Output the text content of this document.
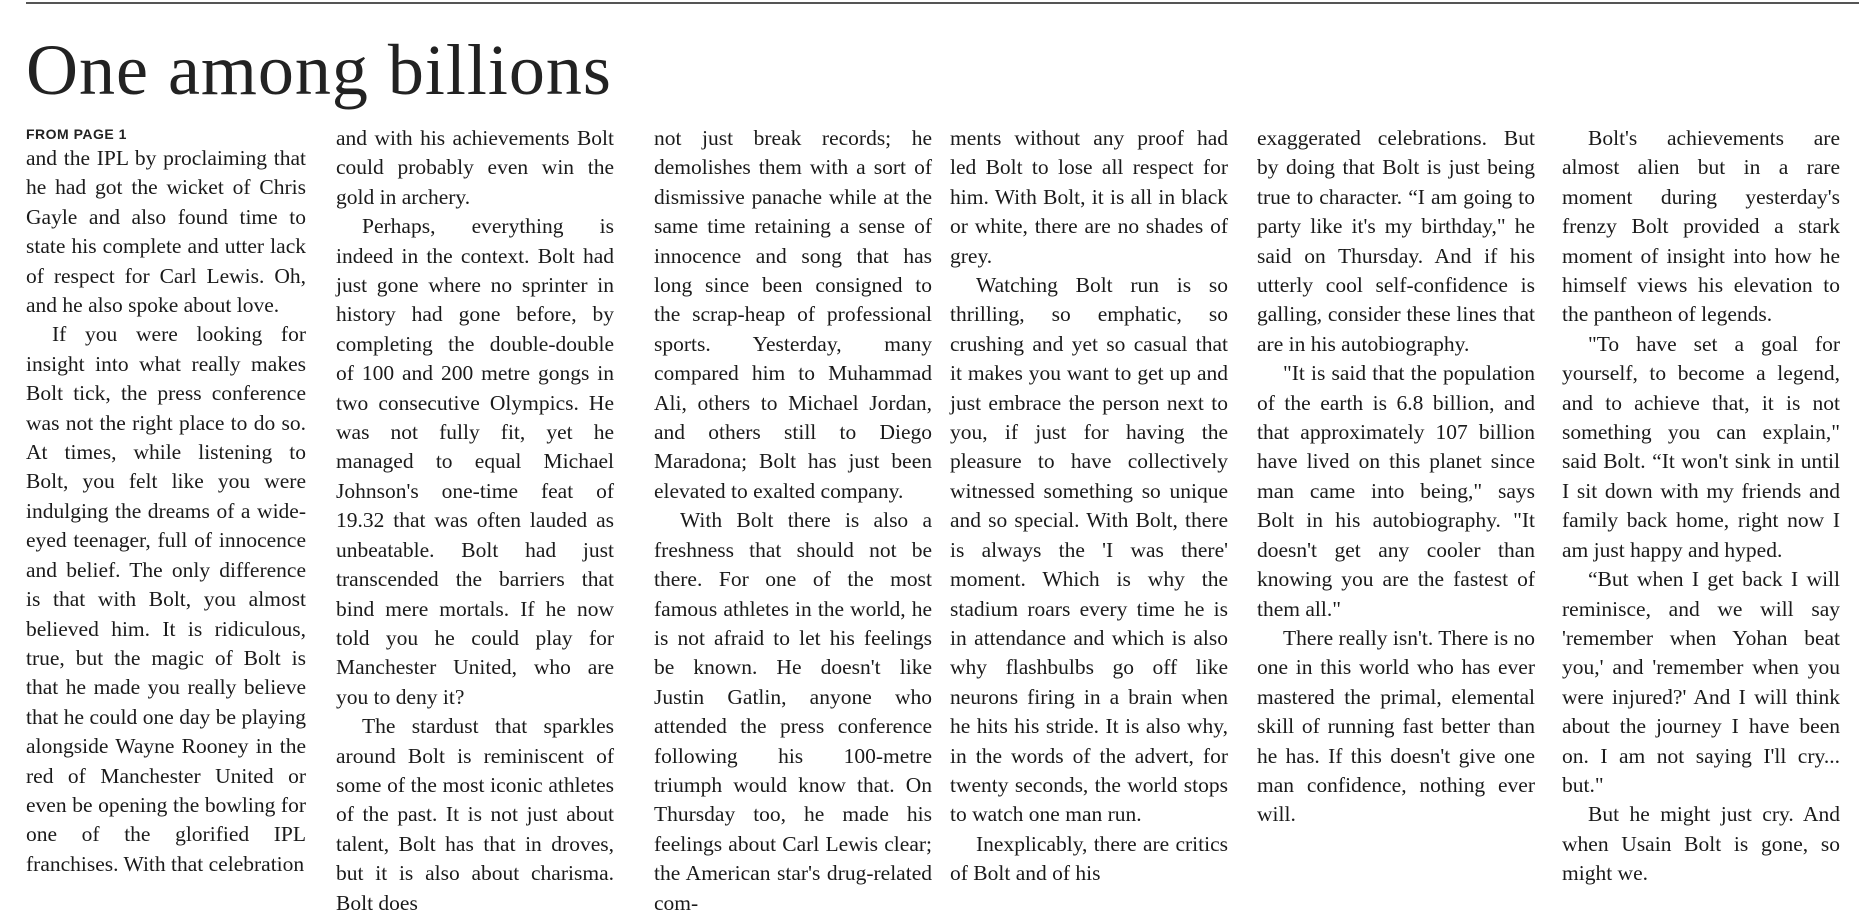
One among billions
FROM PAGE 1

and the IPL by proclaiming that he had got the wicket of Chris Gayle and also found time to state his complete and utter lack of respect for Carl Lewis. Oh, and he also spoke about love.

If you were looking for insight into what really makes Bolt tick, the press conference was not the right place to do so. At times, while listening to Bolt, you felt like you were indulging the dreams of a wide-eyed teenager, full of innocence and belief. The only difference is that with Bolt, you almost believed him. It is ridiculous, true, but the magic of Bolt is that he made you really believe that he could one day be playing alongside Wayne Rooney in the red of Manchester United or even be opening the bowling for one of the glorified IPL franchises. With that celebration

and with his achievements Bolt could probably even win the gold in archery.

Perhaps, everything is indeed in the context. Bolt had just gone where no sprinter in history had gone before, by completing the double-double of 100 and 200 metre gongs in two consecutive Olympics. He was not fully fit, yet he managed to equal Michael Johnson's one-time feat of 19.32 that was often lauded as unbeatable. Bolt had just transcended the barriers that bind mere mortals. If he now told you he could play for Manchester United, who are you to deny it?

The stardust that sparkles around Bolt is reminiscent of some of the most iconic athletes of the past. It is not just about talent, Bolt has that in droves, but it is also about charisma. Bolt does

not just break records; he demolishes them with a sort of dismissive panache while at the same time retaining a sense of innocence and song that has long since been consigned to the scrap-heap of professional sports. Yesterday, many compared him to Muhammad Ali, others to Michael Jordan, and others still to Diego Maradona; Bolt has just been elevated to exalted company.

With Bolt there is also a freshness that should not be there. For one of the most famous athletes in the world, he is not afraid to let his feelings be known. He doesn't like Justin Gatlin, anyone who attended the press conference following his 100-metre triumph would know that. On Thursday too, he made his feelings about Carl Lewis clear; the American star's drug-related com-

ments without any proof had led Bolt to lose all respect for him. With Bolt, it is all in black or white, there are no shades of grey.

Watching Bolt run is so thrilling, so emphatic, so crushing and yet so casual that it makes you want to get up and just embrace the person next to you, if just for having the pleasure to have collectively witnessed something so unique and so special. With Bolt, there is always the 'I was there' moment. Which is why the stadium roars every time he is in attendance and which is also why flashbulbs go off like neurons firing in a brain when he hits his stride. It is also why, in the words of the advert, for twenty seconds, the world stops to watch one man run.

Inexplicably, there are critics of Bolt and of his

exaggerated celebrations. But by doing that Bolt is just being true to character. “I am going to party like it's my birthday," he said on Thursday. And if his utterly cool self-confidence is galling, consider these lines that are in his autobiography.

"It is said that the population of the earth is 6.8 billion, and that approximately 107 billion have lived on this planet since man came into being," says Bolt in his autobiography. "It doesn't get any cooler than knowing you are the fastest of them all."

There really isn't. There is no one in this world who has ever mastered the primal, elemental skill of running fast better than he has. If this doesn't give one man confidence, nothing ever will.

Bolt's achievements are almost alien but in a rare moment during yesterday's frenzy Bolt provided a stark moment of insight into how he himself views his elevation to the pantheon of legends.

"To have set a goal for yourself, to become a legend, and to achieve that, it is not something you can explain," said Bolt. “It won't sink in until I sit down with my friends and family back home, right now I am just happy and hyped.

“But when I get back I will reminisce, and we will say 'remember when Yohan beat you,' and 'remember when you were injured?' And I will think about the journey I have been on. I am not saying I'll cry... but."

But he might just cry. And when Usain Bolt is gone, so might we.
